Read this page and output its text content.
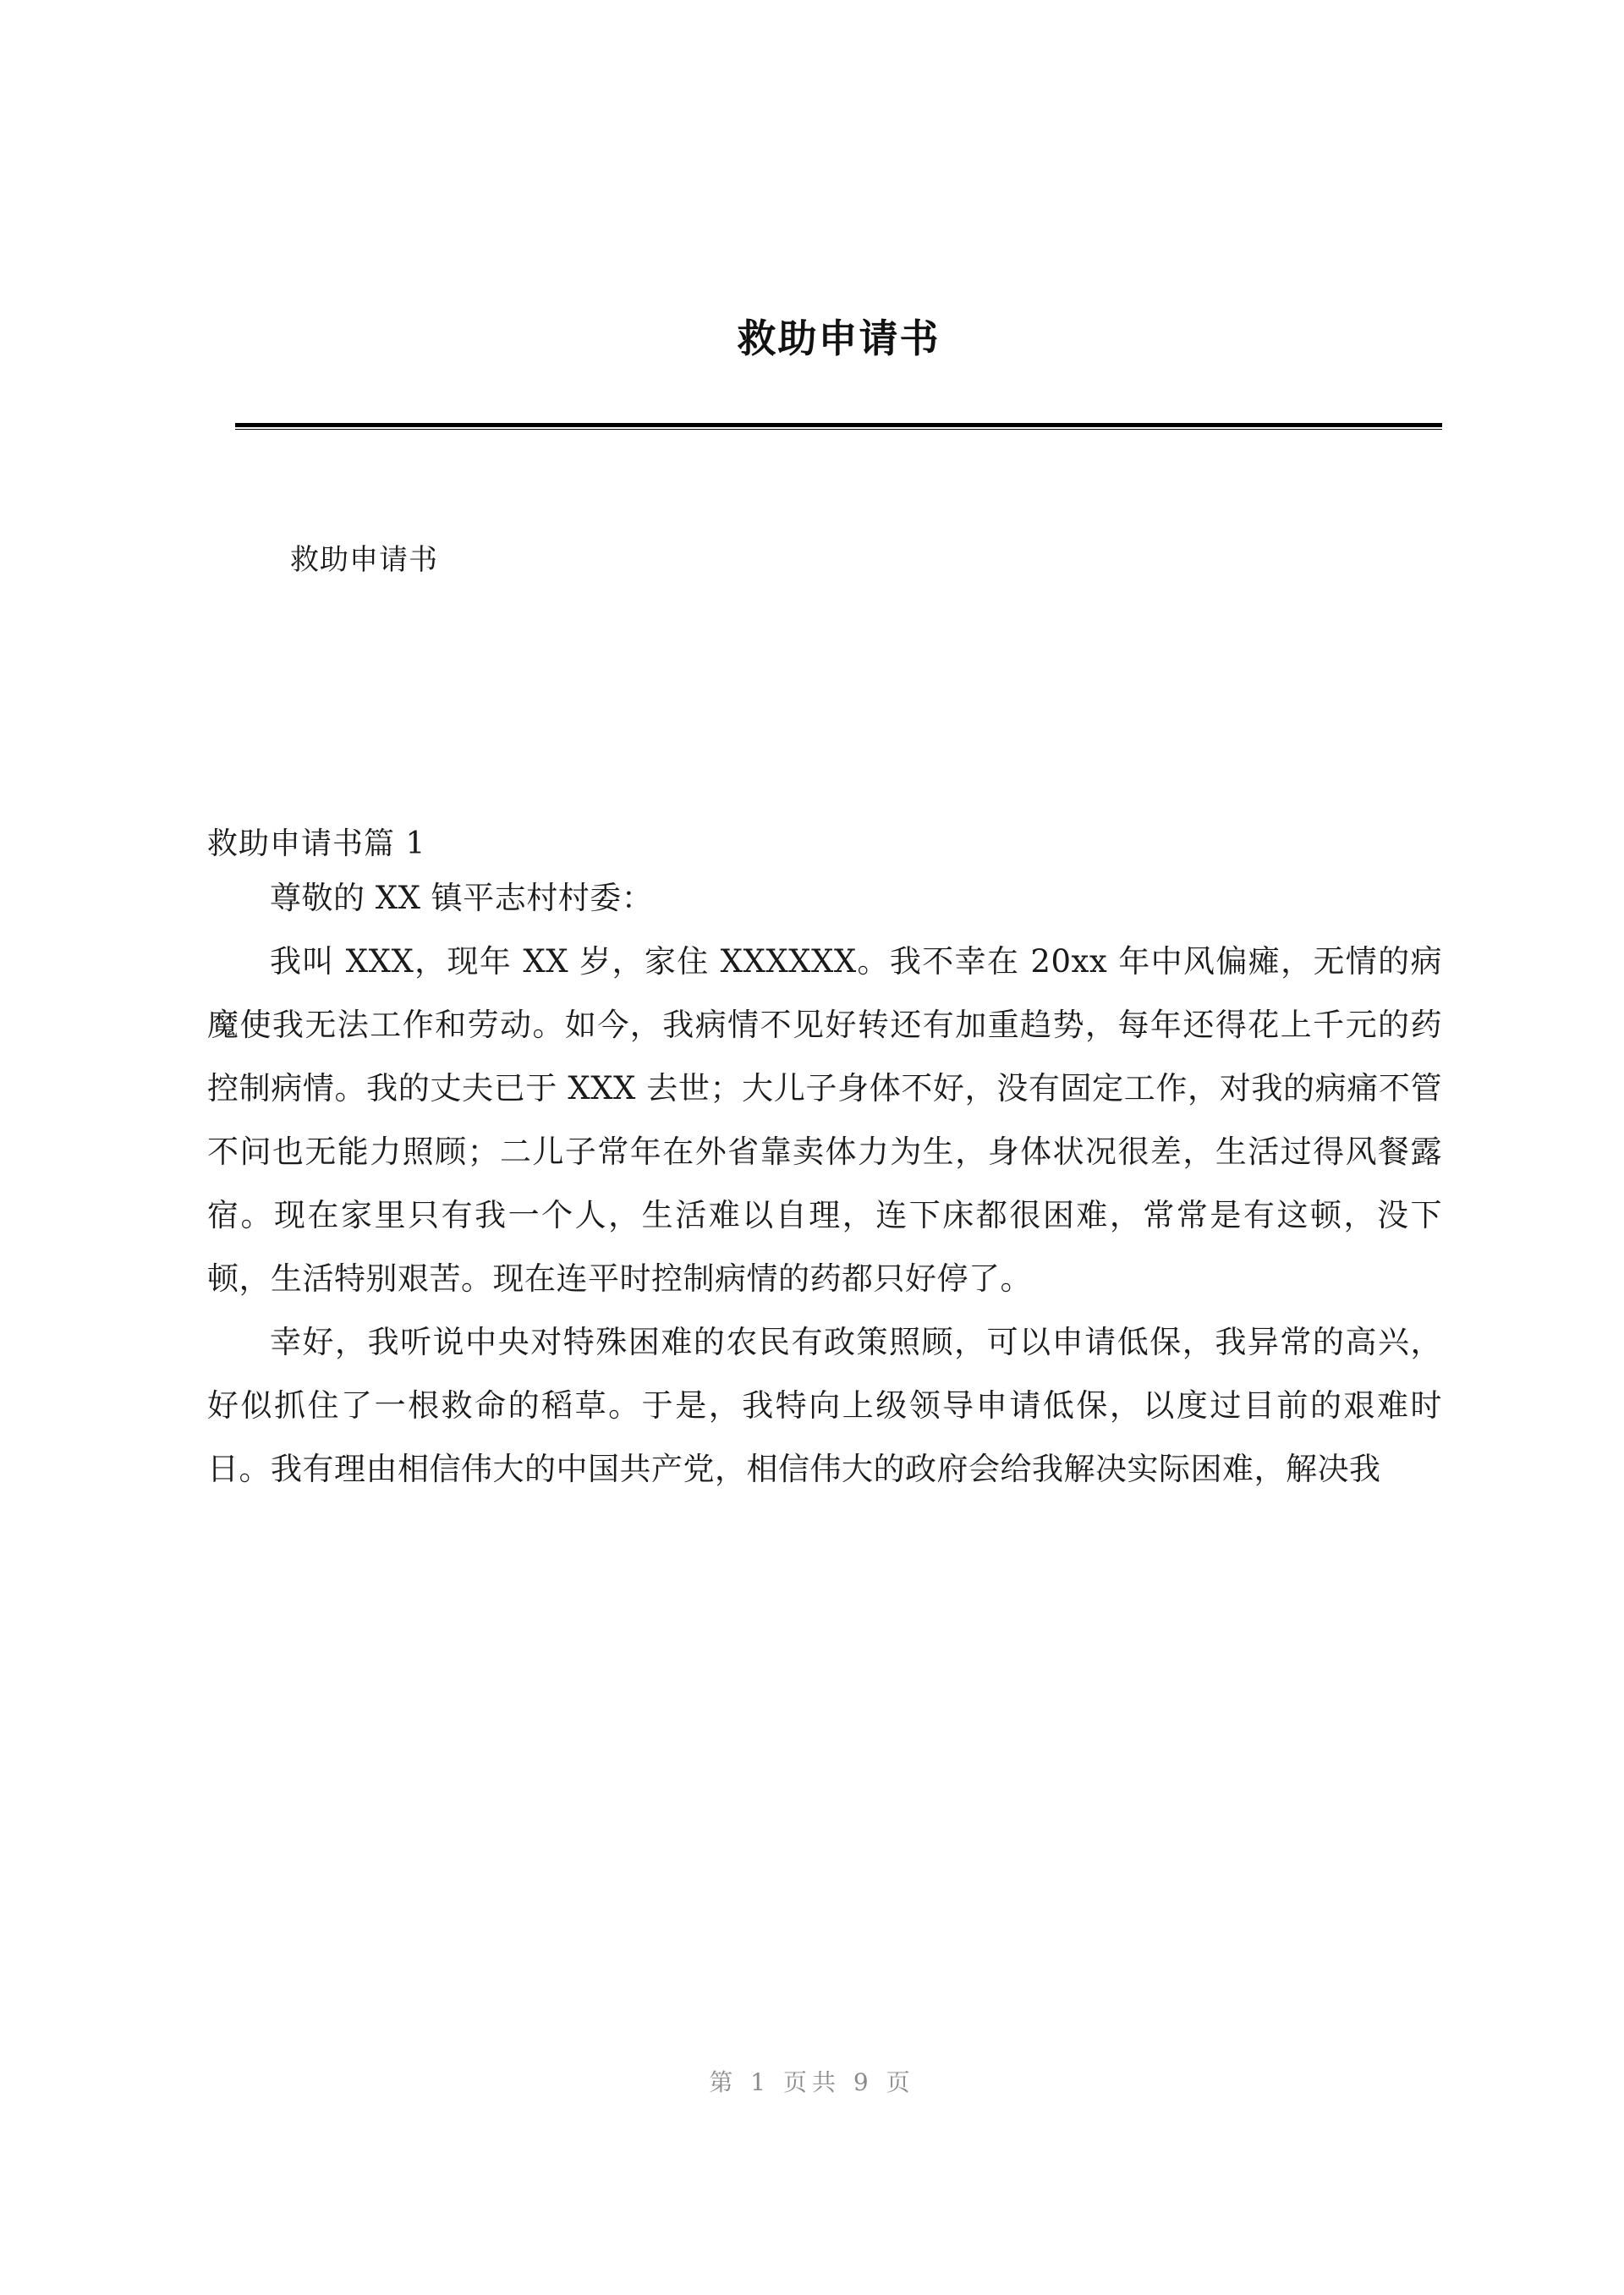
救助申请书

救助申请书

救助申请书篇 1

尊敬的 XX 镇平志村村委：

我叫 XXX，现年 XX 岁，家住 XXXXXX。我不幸在 20xx 年中风偏瘫，无情的病魔使我无法工作和劳动。如今，我病情不见好转还有加重趋势，每年还得花上千元的药控制病情。我的丈夫已于 XXX 去世；大儿子身体不好，没有固定工作，对我的病痛不管不问也无能力照顾；二儿子常年在外省靠卖体力为生，身体状况很差，生活过得风餐露宿。现在家里只有我一个人，生活难以自理，连下床都很困难，常常是有这顿，没下顿，生活特别艰苦。现在连平时控制病情的药都只好停了。

幸好，我听说中央对特殊困难的农民有政策照顾，可以申请低保，我异常的高兴，好似抓住了一根救命的稻草。于是，我特向上级领导申请低保，以度过目前的艰难时日。我有理由相信伟大的中国共产党，相信伟大的政府会给我解决实际困难，解决我

第 1 页共 9 页
